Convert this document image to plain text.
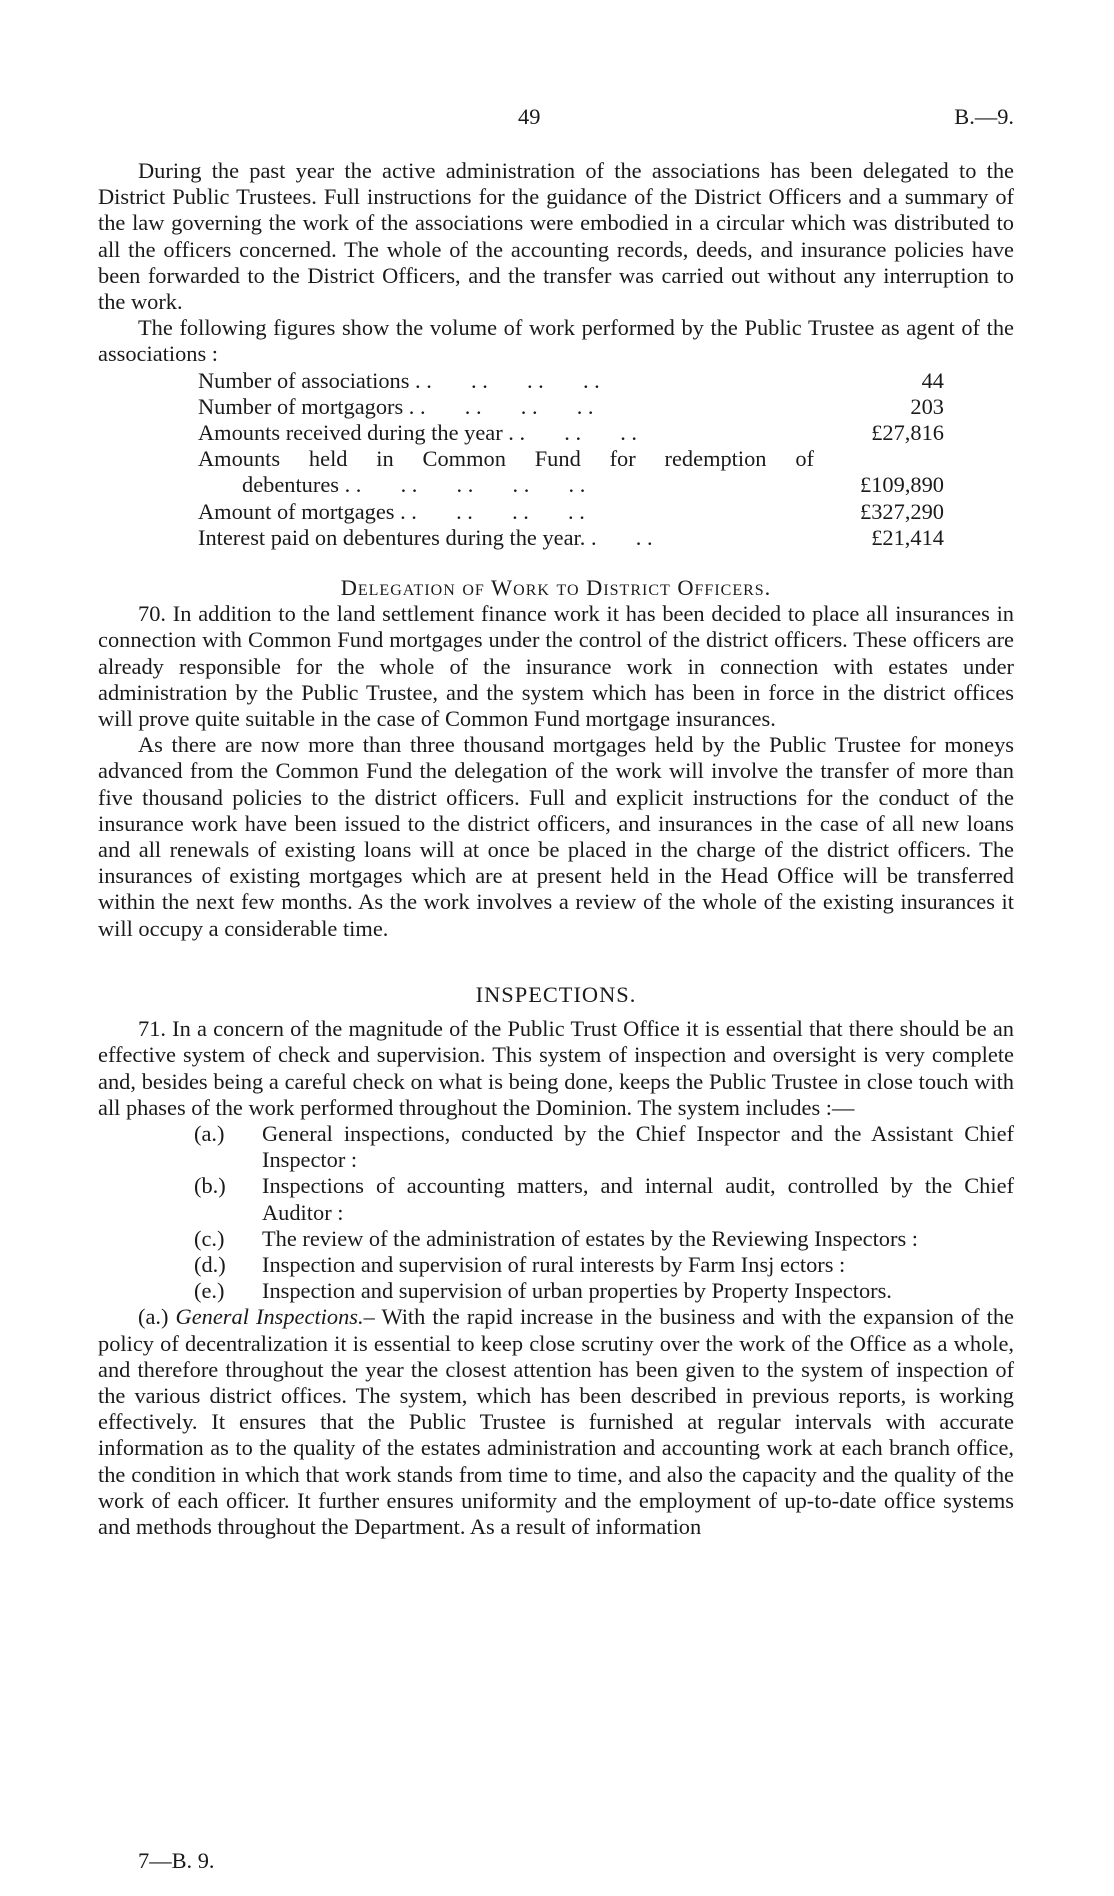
49	B.—9.

During the past year the active administration of the associations has been delegated to the District Public Trustees. Full instructions for the guidance of the District Officers and a summary of the law governing the work of the associations were embodied in a circular which was distributed to all the officers concerned. The whole of the accounting records, deeds, and insurance policies have been forwarded to the District Officers, and the transfer was carried out without any interruption to the work.

The following figures show the volume of work performed by the Public Trustee as agent of the associations :

Number of associations . .       . .       . .       . .	44
Number of mortgagors . .       . .       . .       . .	203
Amounts received during the year . .       . .       . .	£27,816
Amounts held in Common Fund for redemption of
debentures . .       . .       . .       . .       . .	£109,890
Amount of mortgages . .       . .       . .       . .	£327,290
Interest paid on debentures during the year. .       . .	£21,414
Delegation of Work to District Officers.

70. In addition to the land settlement finance work it has been decided to place all insurances in connection with Common Fund mortgages under the control of the district officers. These officers are already responsible for the whole of the insurance work in connection with estates under administration by the Public Trustee, and the system which has been in force in the district offices will prove quite suitable in the case of Common Fund mortgage insurances.

As there are now more than three thousand mortgages held by the Public Trustee for moneys advanced from the Common Fund the delegation of the work will involve the transfer of more than five thousand policies to the district officers. Full and explicit instructions for the conduct of the insurance work have been issued to the district officers, and insurances in the case of all new loans and all renewals of existing loans will at once be placed in the charge of the district officers. The insurances of existing mortgages which are at present held in the Head Office will be transferred within the next few months. As the work involves a review of the whole of the existing insurances it will occupy a considerable time.

INSPECTIONS.

71. In a concern of the magnitude of the Public Trust Office it is essential that there should be an effective system of check and supervision. This system of inspection and oversight is very complete and, besides being a careful check on what is being done, keeps the Public Trustee in close touch with all phases of the work performed throughout the Dominion. The system includes :—

(a.)	General inspections, conducted by the Chief Inspector and the Assistant Chief Inspector :
(b.)	Inspections of accounting matters, and internal audit, controlled by the Chief Auditor :
(c.)	The review of the administration of estates by the Reviewing Inspectors :
(d.)	Inspection and supervision of rural interests by Farm Insj ectors :
(e.)	Inspection and supervision of urban properties by Property Inspectors.

(a.) General Inspections.– With the rapid increase in the business and with the expansion of the policy of decentralization it is essential to keep close scrutiny over the work of the Office as a whole, and therefore throughout the year the closest attention has been given to the system of inspection of the various district offices. The system, which has been described in previous reports, is working effectively. It ensures that the Public Trustee is furnished at regular intervals with accurate information as to the quality of the estates administration and accounting work at each branch office, the condition in which that work stands from time to time, and also the capacity and the quality of the work of each officer. It further ensures uniformity and the employment of up-to-date office systems and methods throughout the Department. As a result of information

7—B. 9.
